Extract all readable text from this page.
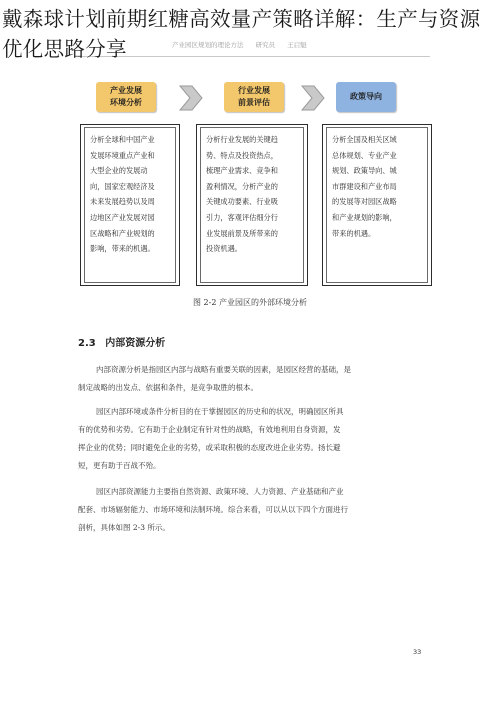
戴森球计划前期红糖高效量产策略详解：生产与资源优化思路分享	产业园区规划的理论方法 研究员 王启魁
产业发展
环境分析
行业发展
前景评估
政策导向
分析全球和中国产业
发展环境重点产业和
大型企业的发展动
向，国家宏观经济及
未来发展趋势以及周
边地区产业发展对园
区战略和产业规划的
影响，带来的机遇。
分析行业发展的关键趋
势、特点及投资热点，
梳理产业需求、竞争和
盈利情况，分析产业的
关键成功要素、行业吸
引力，客观评估细分行
业发展前景及所带来的
投资机遇。
分析全国及相关区域
总体规划、专业产业
规划、政策导向、城
市群建设和产业布局
的发展等对园区战略
和产业规划的影响，
带来的机遇。
图 2-2 产业园区的外部环境分析
2.3 内部资源分析
内部资源分析是指园区内部与战略有重要关联的因素，是园区经营的基础，是
制定战略的出发点、依据和条件，是竞争取胜的根本。
园区内部环境或条件分析目的在于掌握园区的历史和的状况，明确园区所具
有的优势和劣势。它有助于企业制定有针对性的战略，有效地利用自身资源，发
挥企业的优势；同时避免企业的劣势，或采取积极的态度改进企业劣势。扬长避
短，更有助于百战不殆。
园区内部资源能力主要指自然资源、政策环境、人力资源、产业基础和产业
配套、市场辐射能力、市场环境和法制环境。综合来看，可以从以下四个方面进行
剖析，具体如图 2-3 所示。
33
